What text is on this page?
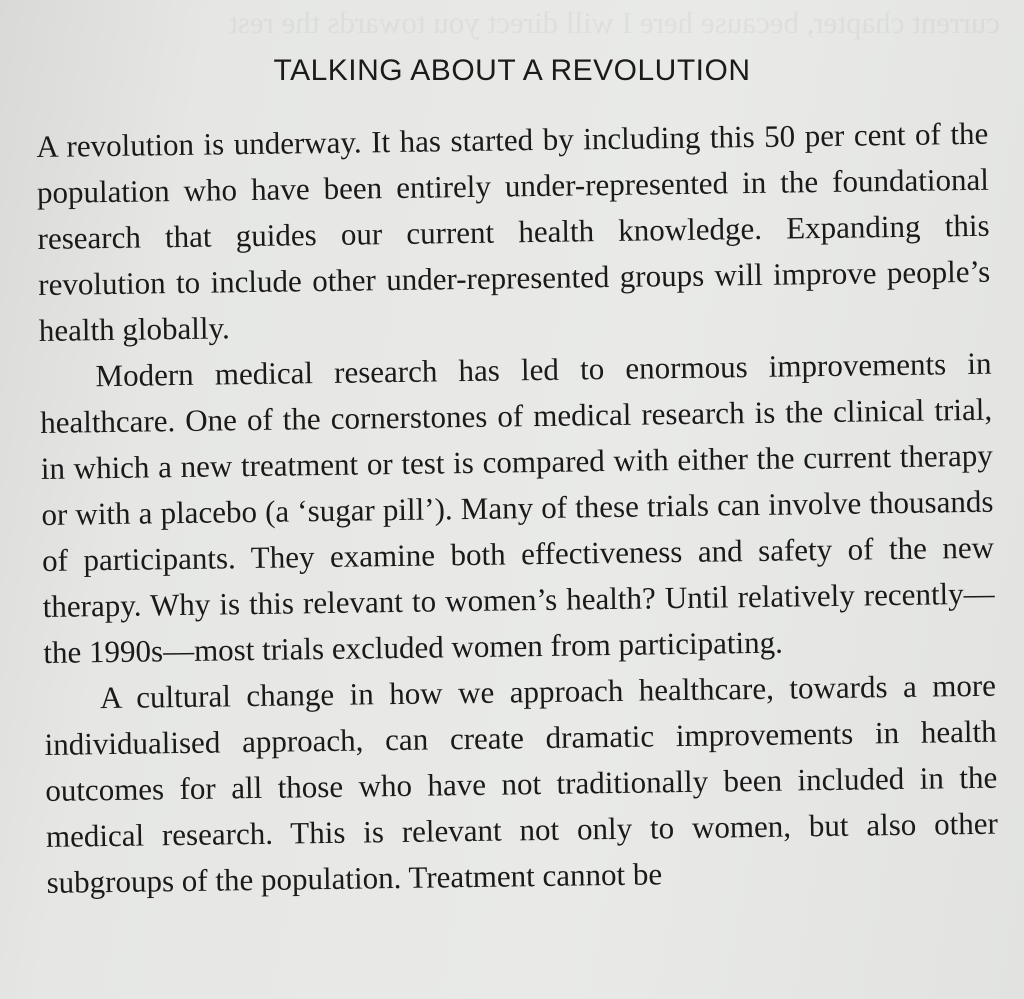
current chapter, because here I will direct you towards the rest
TALKING ABOUT A REVOLUTION

A revolution is underway. It has started by including this 50 per cent of the population who have been entirely under-represented in the foundational research that guides our current health knowledge. Expanding this revolution to include other under-represented groups will improve people’s health globally.

Modern medical research has led to enormous improvements in healthcare. One of the cornerstones of medical research is the clinical trial, in which a new treatment or test is compared with either the current therapy or with a placebo (a ‘sugar pill’). Many of these trials can involve thousands of participants. They examine both effectiveness and safety of the new therapy. Why is this relevant to women’s health? Until relatively recently—the 1990s—most trials excluded women from participating.

A cultural change in how we approach healthcare, towards a more individualised approach, can create dramatic improvements in health outcomes for all those who have not traditionally been included in the medical research. This is relevant not only to women, but also other subgroups of the population. Treatment cannot be
